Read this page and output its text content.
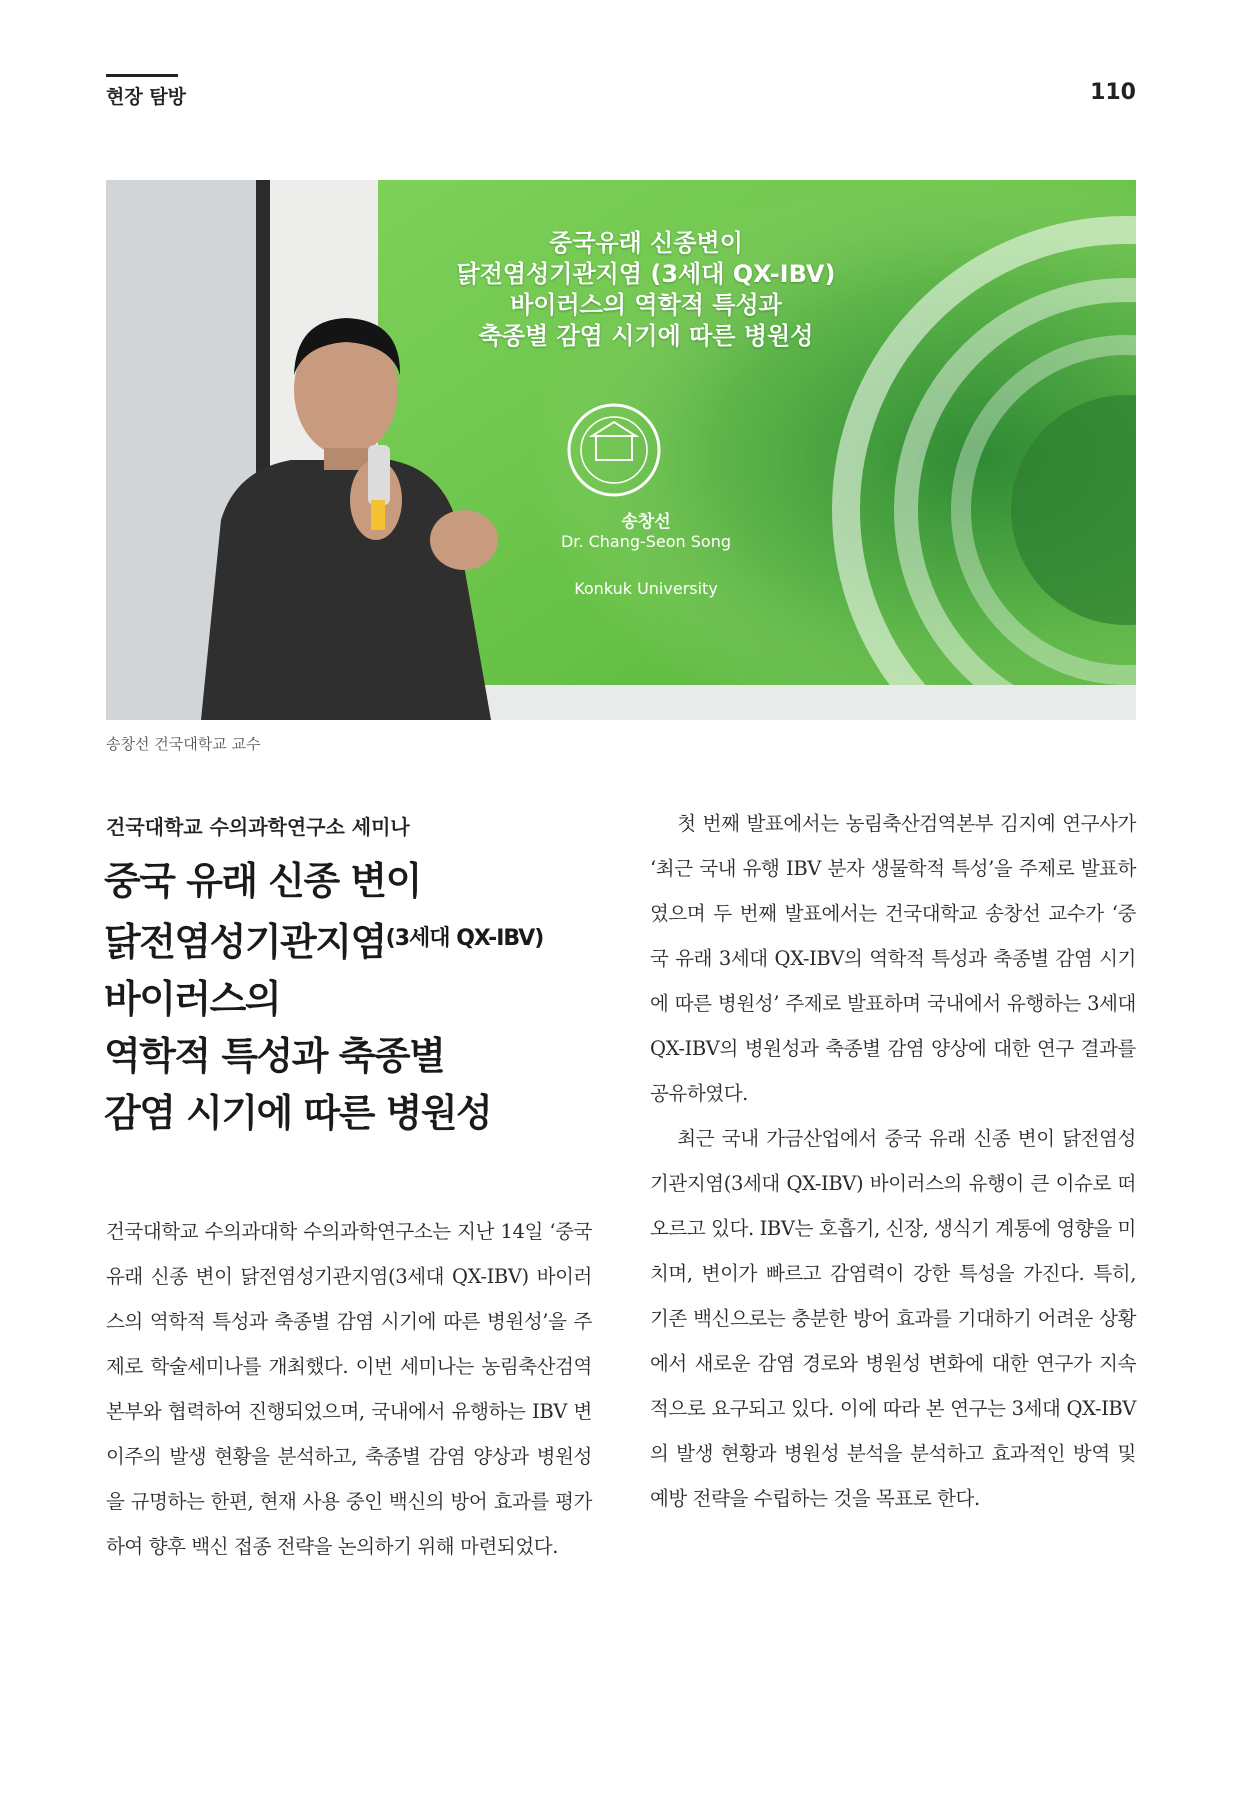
현장 탐방	110
중국유래 신종변이
닭전염성기관지염 (3세대 QX-IBV)
바이러스의 역학적 특성과
축종별 감염 시기에 따른 병원성
송창선
Dr. Chang-Seon Song
Konkuk University
송창선 건국대학교 교수
건국대학교 수의과학연구소 세미나
중국 유래 신종 변이
닭전염성기관지염$^{(3세대 QX-IBV)}$
바이러스의
역학적 특성과 축종별
감염 시기에 따른 병원성

건국대학교 수의과대학 수의과학연구소는 지난 14일 ‘중국 유래 신종 변이 닭전염성기관지염(3세대 QX-IBV) 바이러스의 역학적 특성과 축종별 감염 시기에 따른 병원성’을 주제로 학술세미나를 개최했다. 이번 세미나는 농림축산검역본부와 협력하여 진행되었으며, 국내에서 유행하는 IBV 변이주의 발생 현황을 분석하고, 축종별 감염 양상과 병원성을 규명하는 한편, 현재 사용 중인 백신의 방어 효과를 평가하여 향후 백신 접종 전략을 논의하기 위해 마련되었다.

첫 번째 발표에서는 농림축산검역본부 김지예 연구사가 ‘최근 국내 유행 IBV 분자 생물학적 특성’을 주제로 발표하였으며 두 번째 발표에서는 건국대학교 송창선 교수가 ‘중국 유래 3세대 QX-IBV의 역학적 특성과 축종별 감염 시기에 따른 병원성’ 주제로 발표하며 국내에서 유행하는 3세대 QX-IBV의 병원성과 축종별 감염 양상에 대한 연구 결과를 공유하였다.

최근 국내 가금산업에서 중국 유래 신종 변이 닭전염성기관지염(3세대 QX-IBV) 바이러스의 유행이 큰 이슈로 떠오르고 있다. IBV는 호흡기, 신장, 생식기 계통에 영향을 미치며, 변이가 빠르고 감염력이 강한 특성을 가진다. 특히, 기존 백신으로는 충분한 방어 효과를 기대하기 어려운 상황에서 새로운 감염 경로와 병원성 변화에 대한 연구가 지속적으로 요구되고 있다. 이에 따라 본 연구는 3세대 QX-IBV의 발생 현황과 병원성 분석을 분석하고 효과적인 방역 및 예방 전략을 수립하는 것을 목표로 한다.
